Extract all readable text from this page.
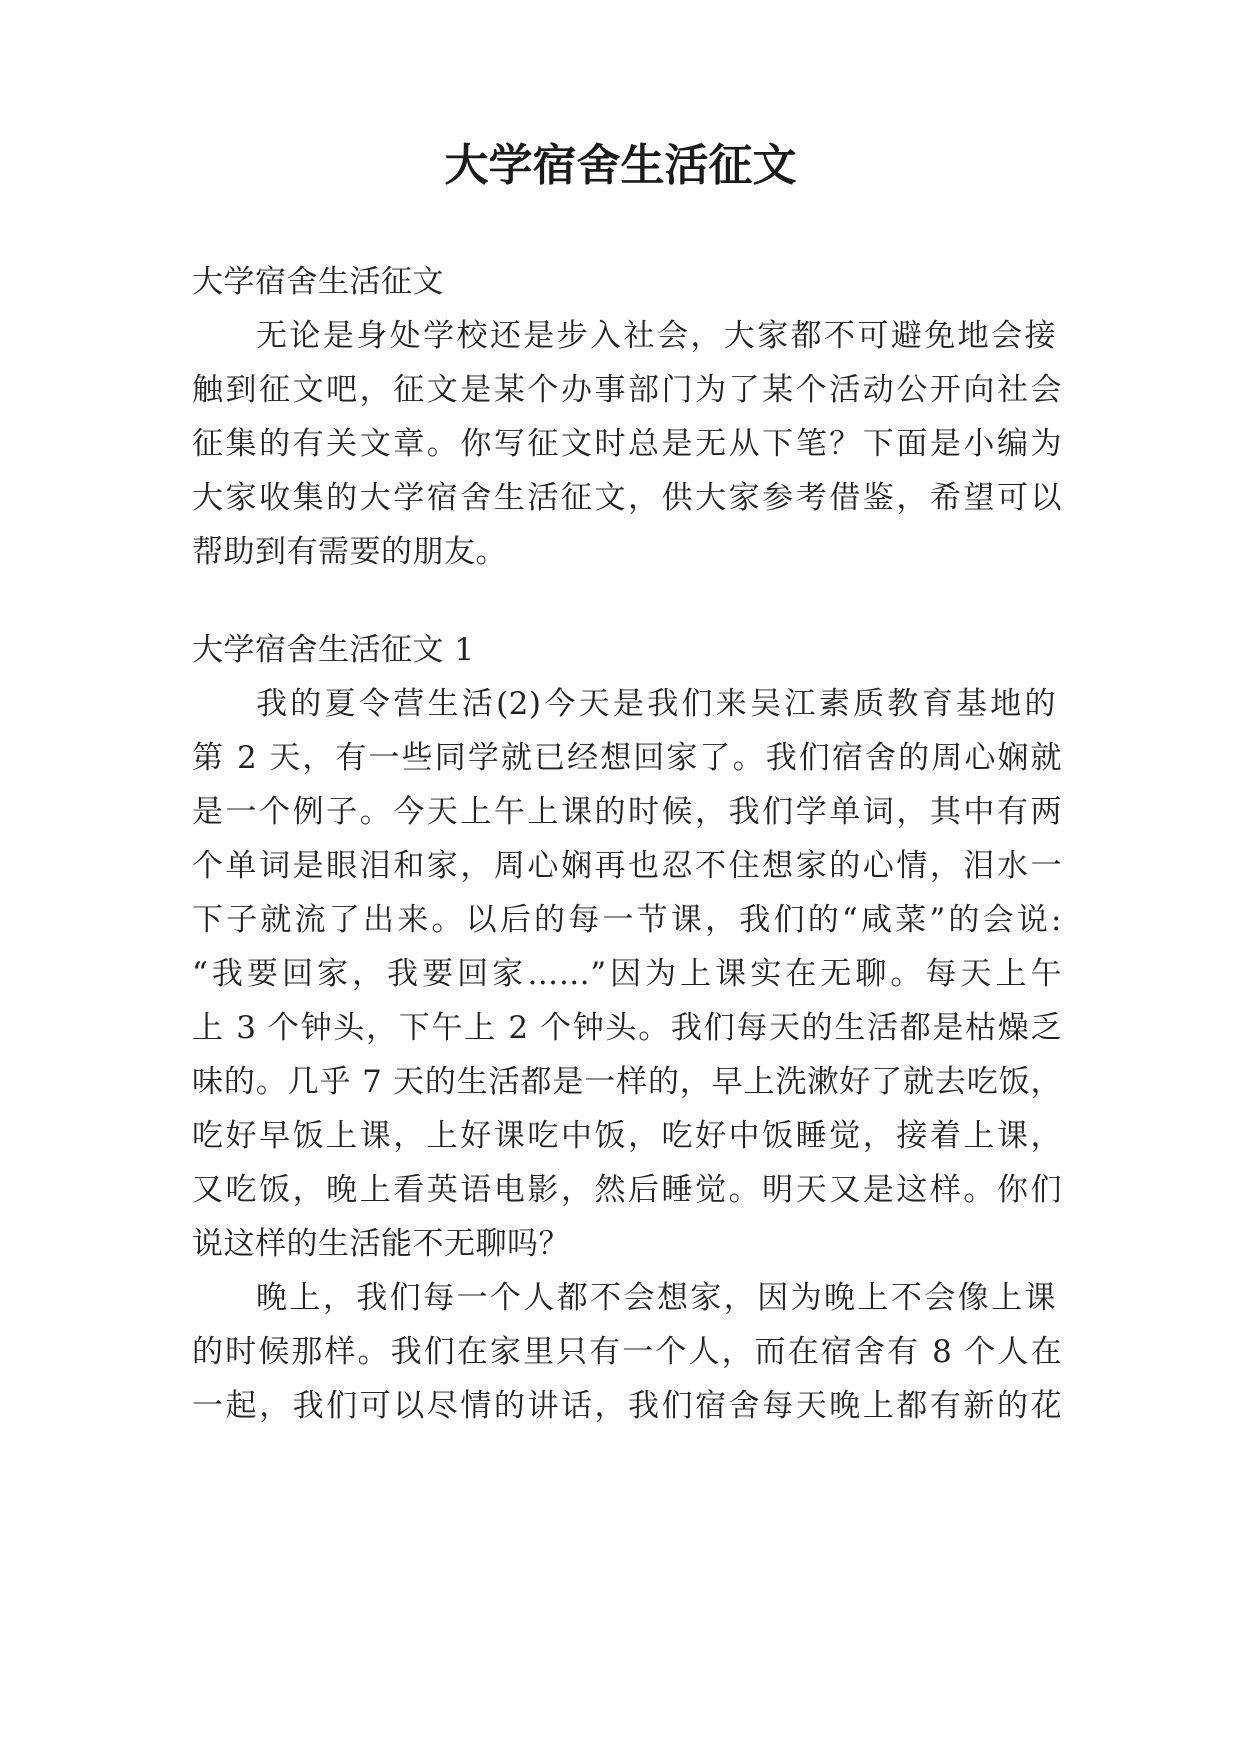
大学宿舍生活征文

大学宿舍生活征文

无论是身处学校还是步入社会，大家都不可避免地会接

触到征文吧，征文是某个办事部门为了某个活动公开向社会

征集的有关文章。你写征文时总是无从下笔？下面是小编为

大家收集的大学宿舍生活征文，供大家参考借鉴，希望可以

帮助到有需要的朋友。

大学宿舍生活征文 1

我的夏令营生活(2)今天是我们来吴江素质教育基地的

第 2 天，有一些同学就已经想回家了。我们宿舍的周心娴就

是一个例子。今天上午上课的时候，我们学单词，其中有两

个单词是眼泪和家，周心娴再也忍不住想家的心情，泪水一

下子就流了出来。以后的每一节课，我们的“咸菜”的会说:

“我要回家，我要回家……”因为上课实在无聊。每天上午

上 3 个钟头，下午上 2 个钟头。我们每天的生活都是枯燥乏

味的。几乎 7 天的生活都是一样的，早上洗漱好了就去吃饭，

吃好早饭上课，上好课吃中饭，吃好中饭睡觉，接着上课，

又吃饭，晚上看英语电影，然后睡觉。明天又是这样。你们

说这样的生活能不无聊吗？

晚上，我们每一个人都不会想家，因为晚上不会像上课

的时候那样。我们在家里只有一个人，而在宿舍有 8 个人在

一起，我们可以尽情的讲话，我们宿舍每天晚上都有新的花
